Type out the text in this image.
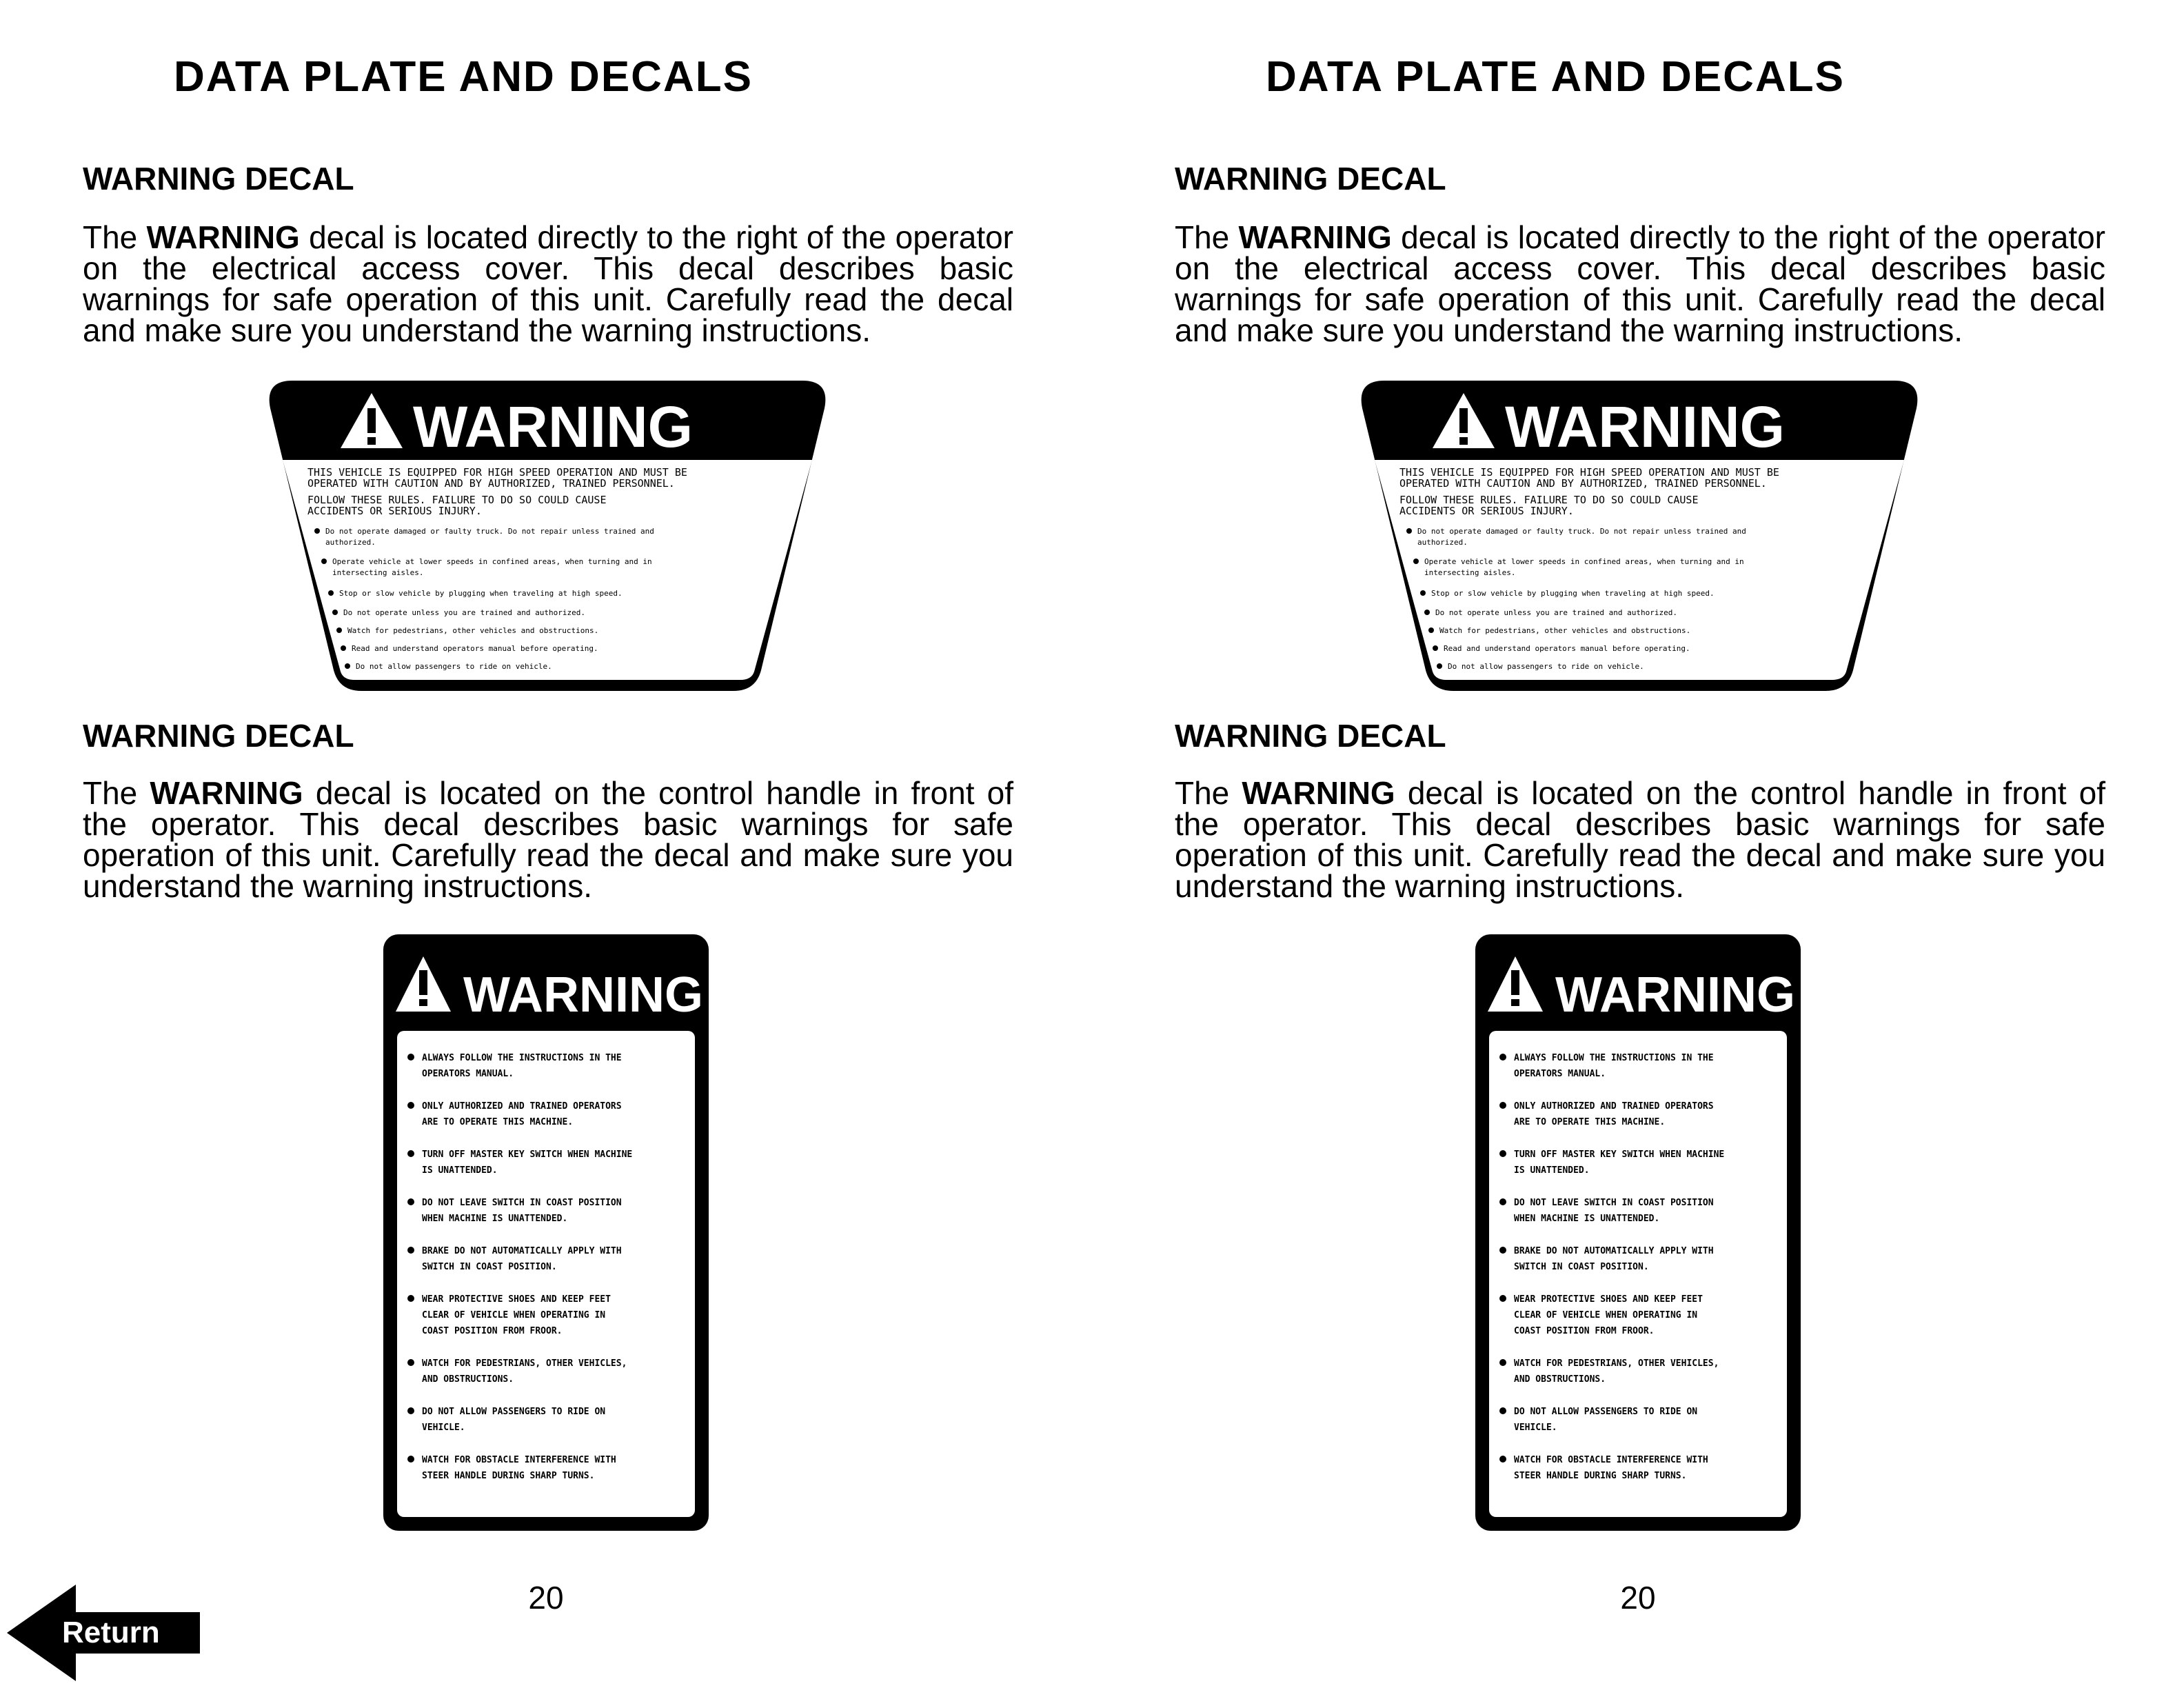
DATA PLATE AND DECALS
WARNING DECAL
The WARNING decal is located directly to the right of the operator on the electrical access cover. This decal describes basic warnings for safe operation of this unit. Carefully read the decal and make sure you understand the warning instructions.
WARNING
THIS VEHICLE IS EQUIPPED FOR HIGH SPEED OPERATION AND MUST BE
OPERATED WITH CAUTION AND BY AUTHORIZED, TRAINED PERSONNEL.
FOLLOW THESE RULES. FAILURE TO DO SO COULD CAUSE
ACCIDENTS OR SERIOUS INJURY.
Do not operate damaged or faulty truck. Do not repair unless trained and
authorized.
Operate vehicle at lower speeds in confined areas, when turning and in
intersecting aisles.
Stop or slow vehicle by plugging when traveling at high speed.
Do not operate unless you are trained and authorized.
Watch for pedestrians, other vehicles and obstructions.
Read and understand operators manual before operating.
Do not allow passengers to ride on vehicle.
WARNING DECAL
The WARNING decal is located on the control handle in front of the operator. This decal describes basic warnings for safe operation of this unit. Carefully read the decal and make sure you understand the warning instructions.
WARNING
ALWAYS FOLLOW THE INSTRUCTIONS IN THE
OPERATORS MANUAL.
ONLY AUTHORIZED AND TRAINED OPERATORS
ARE TO OPERATE THIS MACHINE.
TURN OFF MASTER KEY SWITCH WHEN MACHINE
IS UNATTENDED.
DO NOT LEAVE SWITCH IN COAST POSITION
WHEN MACHINE IS UNATTENDED.
BRAKE DO NOT AUTOMATICALLY APPLY WITH
SWITCH IN COAST POSITION.
WEAR PROTECTIVE SHOES AND KEEP FEET
CLEAR OF VEHICLE WHEN OPERATING IN
COAST POSITION FROM FROOR.
WATCH FOR PEDESTRIANS, OTHER VEHICLES,
AND OBSTRUCTIONS.
DO NOT ALLOW PASSENGERS TO RIDE ON
VEHICLE.
WATCH FOR OBSTACLE INTERFERENCE WITH
STEER HANDLE DURING SHARP TURNS.
20
Return
DATA PLATE AND DECALS
WARNING DECAL
The WARNING decal is located directly to the right of the operator on the electrical access cover. This decal describes basic warnings for safe operation of this unit. Carefully read the decal and make sure you understand the warning instructions.
WARNING
THIS VEHICLE IS EQUIPPED FOR HIGH SPEED OPERATION AND MUST BE
OPERATED WITH CAUTION AND BY AUTHORIZED, TRAINED PERSONNEL.
FOLLOW THESE RULES. FAILURE TO DO SO COULD CAUSE
ACCIDENTS OR SERIOUS INJURY.
Do not operate damaged or faulty truck. Do not repair unless trained and
authorized.
Operate vehicle at lower speeds in confined areas, when turning and in
intersecting aisles.
Stop or slow vehicle by plugging when traveling at high speed.
Do not operate unless you are trained and authorized.
Watch for pedestrians, other vehicles and obstructions.
Read and understand operators manual before operating.
Do not allow passengers to ride on vehicle.
WARNING DECAL
The WARNING decal is located on the control handle in front of the operator. This decal describes basic warnings for safe operation of this unit. Carefully read the decal and make sure you understand the warning instructions.
WARNING
ALWAYS FOLLOW THE INSTRUCTIONS IN THE
OPERATORS MANUAL.
ONLY AUTHORIZED AND TRAINED OPERATORS
ARE TO OPERATE THIS MACHINE.
TURN OFF MASTER KEY SWITCH WHEN MACHINE
IS UNATTENDED.
DO NOT LEAVE SWITCH IN COAST POSITION
WHEN MACHINE IS UNATTENDED.
BRAKE DO NOT AUTOMATICALLY APPLY WITH
SWITCH IN COAST POSITION.
WEAR PROTECTIVE SHOES AND KEEP FEET
CLEAR OF VEHICLE WHEN OPERATING IN
COAST POSITION FROM FROOR.
WATCH FOR PEDESTRIANS, OTHER VEHICLES,
AND OBSTRUCTIONS.
DO NOT ALLOW PASSENGERS TO RIDE ON
VEHICLE.
WATCH FOR OBSTACLE INTERFERENCE WITH
STEER HANDLE DURING SHARP TURNS.
20
